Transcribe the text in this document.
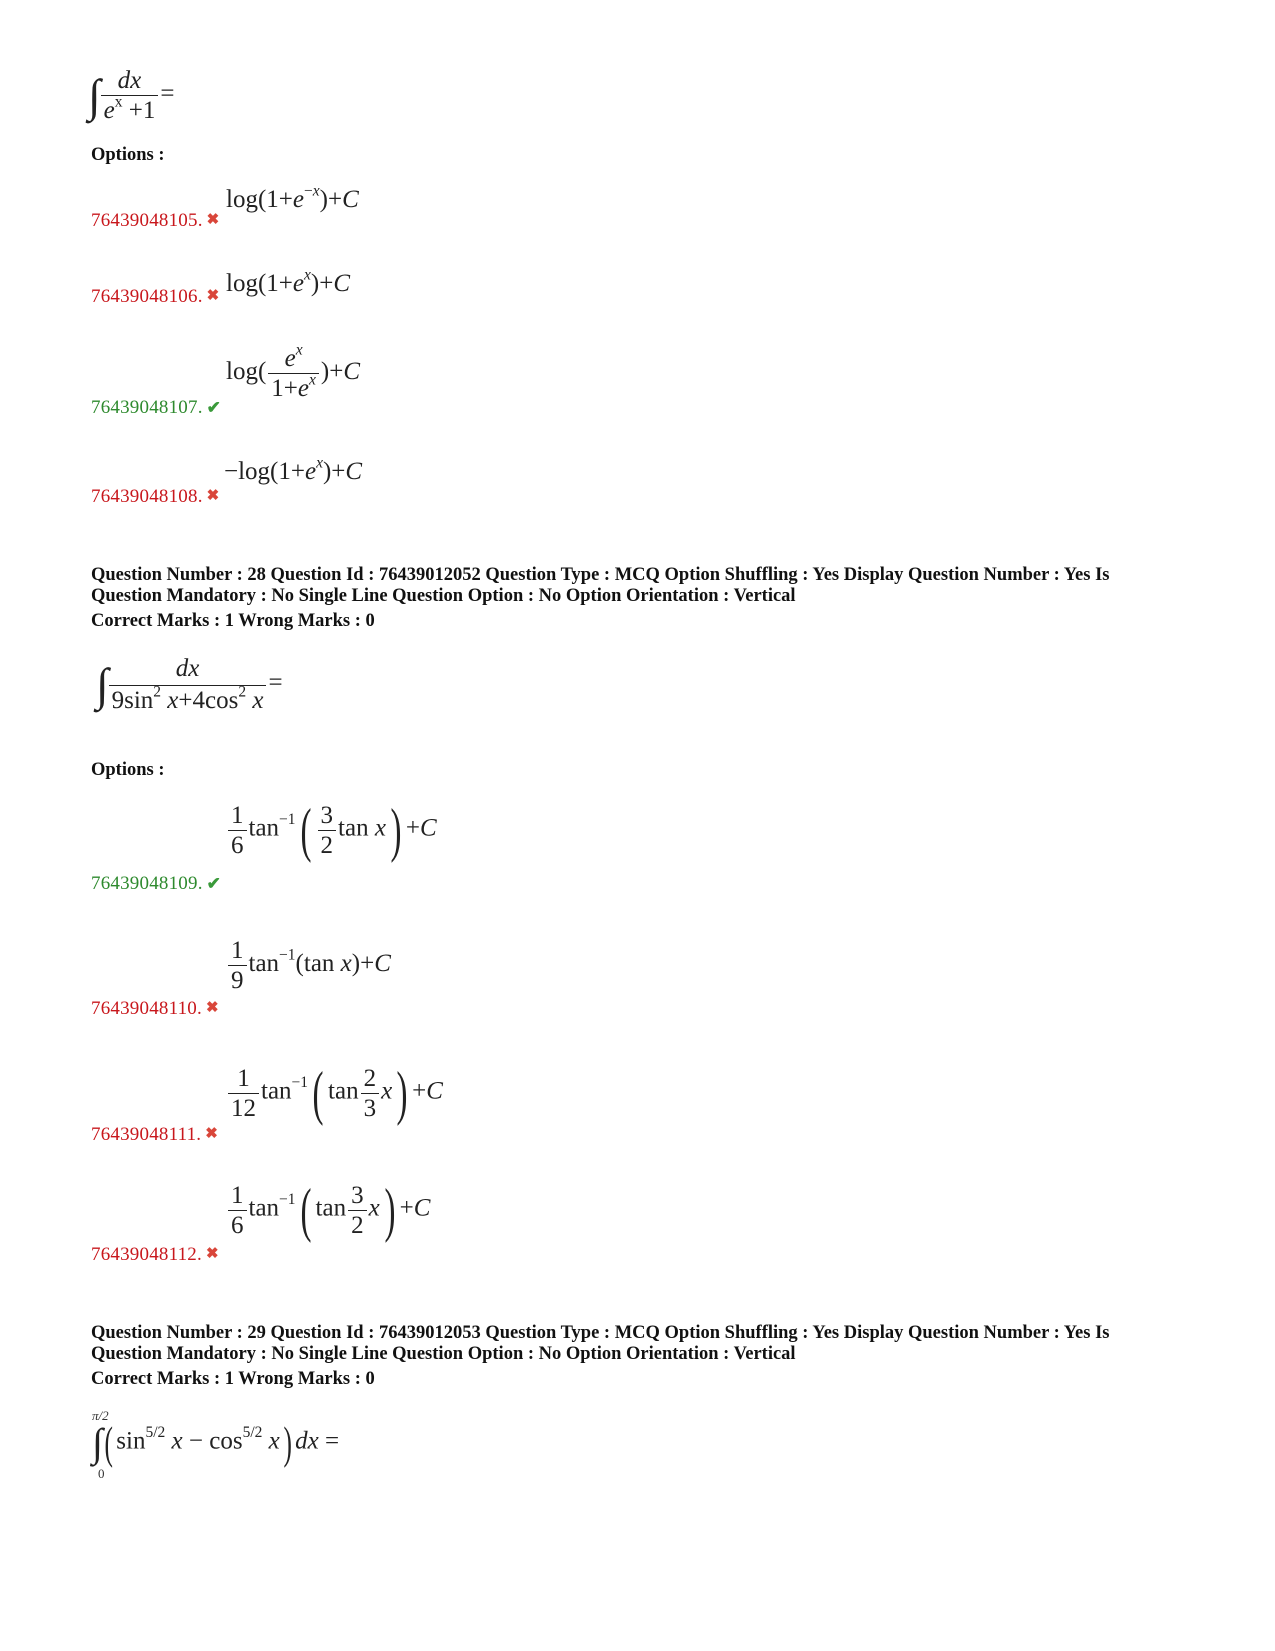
∫ $\frac{dx}{e^x +1}$ =
Options :
$\log(1+e^{-x})+C$
76439048105. ✖
$\log(1+e^x)+C$
76439048106. ✖
$\log( \frac{e^x}{1+e^x} )+C$
76439048107. ✔
$-\log(1+e^x)+C$
76439048108. ✖
Question Number : 28 Question Id : 76439012052 Question Type : MCQ Option Shuffling : Yes Display Question Number : Yes Is
Question Mandatory : No Single Line Question Option : No Option Orientation : Vertical
Correct Marks : 1 Wrong Marks : 0
∫ $\frac{dx}{9\sin^2 x+4\cos^2 x}$ =
Options :
$\frac{1}{6} \tan^{-1}( \frac{3}{2}$ tan x) +C
76439048109. ✔
$\frac{1}{9} \tan^{-1}(\tan$ x)+C
76439048110. ✖
$\frac{1}{12} \tan^{-1}$( $\tan \frac{2}{3} x) +C$
76439048111. ✖
$\frac{1}{6} \tan^{-1}$( $\tan \frac{3}{2} x) +C$
76439048112. ✖
Question Number : 29 Question Id : 76439012053 Question Type : MCQ Option Shuffling : Yes Display Question Number : Yes Is
Question Mandatory : No Single Line Question Option : No Option Orientation : Vertical
Correct Marks : 1 Wrong Marks : 0
π/2
0
∫( $\sin^{5/2} x - \cos^{5/2} x$) dx =
